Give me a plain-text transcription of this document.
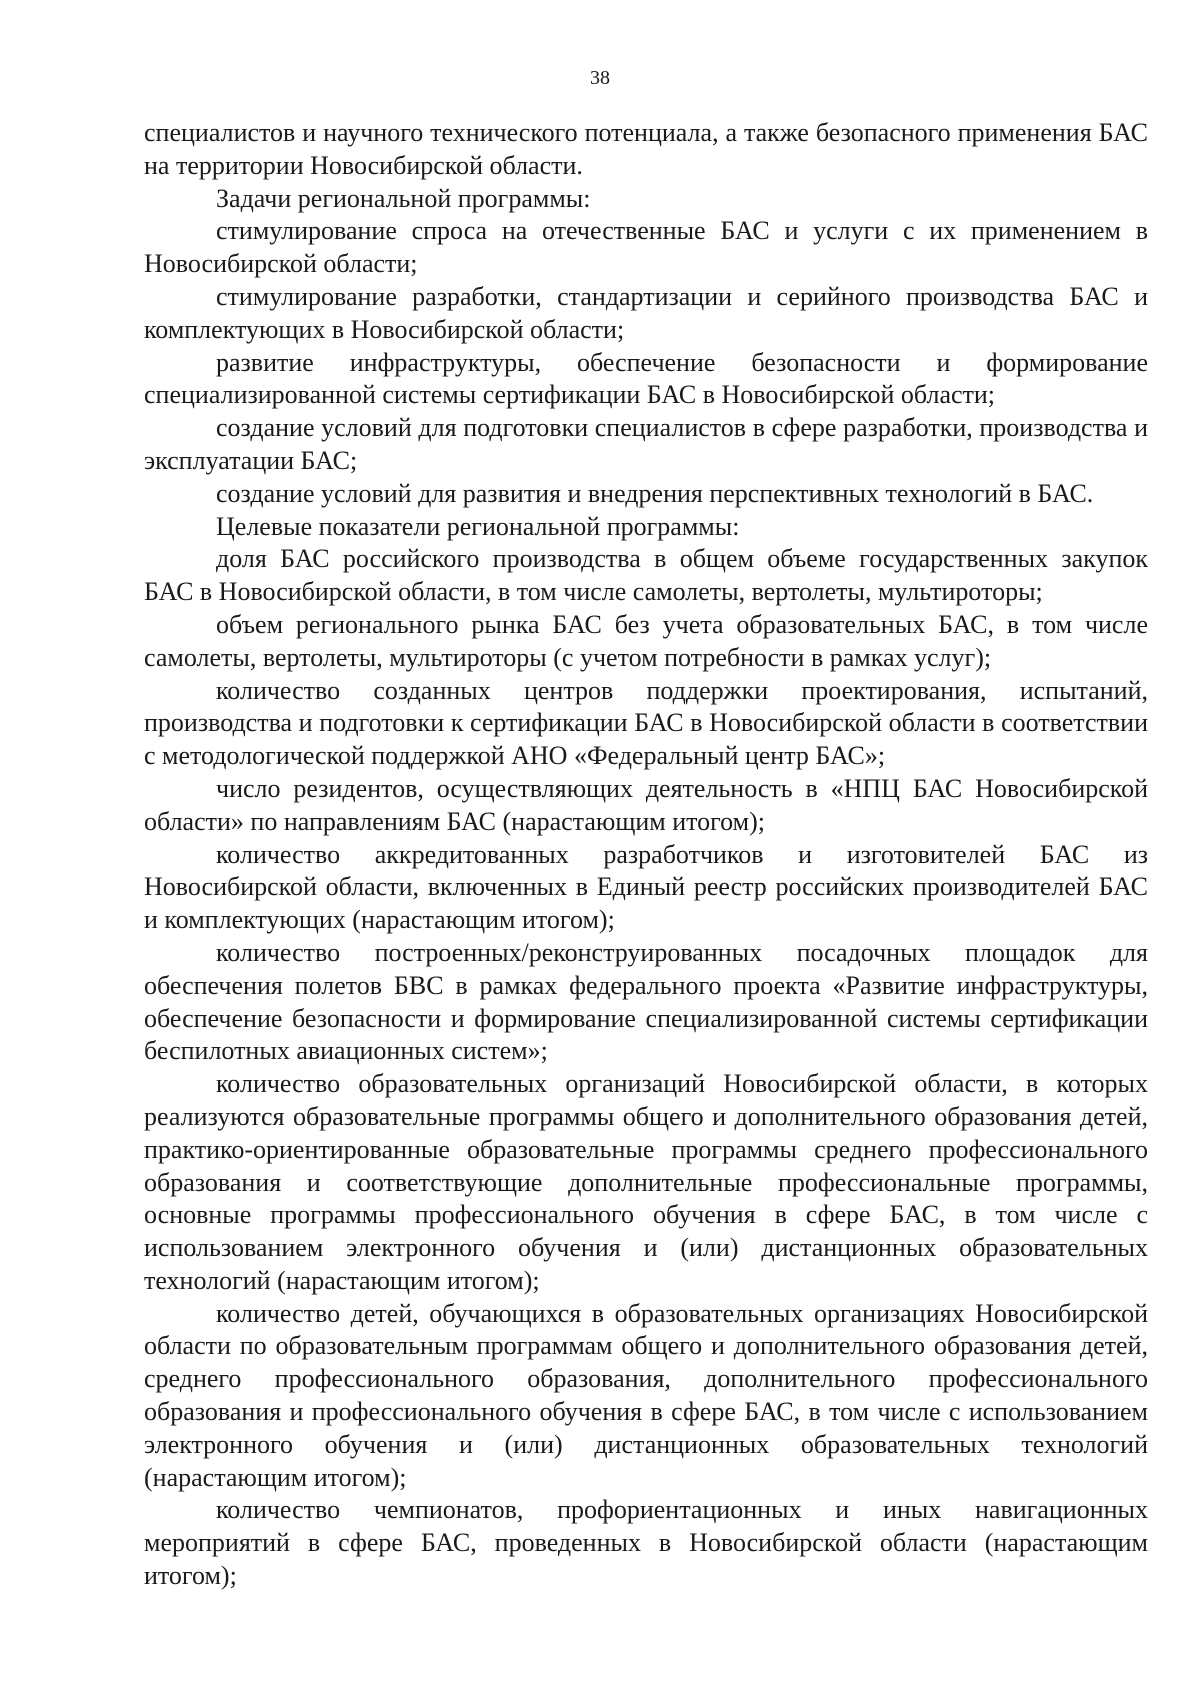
38

специалистов и научного технического потенциала, а также безопасного применения БАС на территории Новосибирской области.

Задачи региональной программы:

стимулирование спроса на отечественные БАС и услуги с их применением в Новосибирской области;

стимулирование разработки, стандартизации и серийного производства БАС и комплектующих в Новосибирской области;

развитие инфраструктуры, обеспечение безопасности и формирование специализированной системы сертификации БАС в Новосибирской области;

создание условий для подготовки специалистов в сфере разработки, производства и эксплуатации БАС;

создание условий для развития и внедрения перспективных технологий в БАС.

Целевые показатели региональной программы:

доля БАС российского производства в общем объеме государственных закупок БАС в Новосибирской области, в том числе самолеты, вертолеты, мультироторы;

объем регионального рынка БАС без учета образовательных БАС, в том числе самолеты, вертолеты, мультироторы (с учетом потребности в рамках услуг);

количество созданных центров поддержки проектирования, испытаний, производства и подготовки к сертификации БАС в Новосибирской области в соответствии с методологической поддержкой АНО «Федеральный центр БАС»;

число резидентов, осуществляющих деятельность в «НПЦ БАС Новосибирской области» по направлениям БАС (нарастающим итогом);

количество аккредитованных разработчиков и изготовителей БАС из Новосибирской области, включенных в Единый реестр российских производителей БАС и комплектующих (нарастающим итогом);

количество построенных/реконструированных посадочных площадок для обеспечения полетов БВС в рамках федерального проекта «Развитие инфраструктуры, обеспечение безопасности и формирование специализированной системы сертификации беспилотных авиационных систем»;

количество образовательных организаций Новосибирской области, в которых реализуются образовательные программы общего и дополнительного образования детей, практико-ориентированные образовательные программы среднего профессионального образования и соответствующие дополнительные профессиональные программы, основные программы профессионального обучения в сфере БАС, в том числе с использованием электронного обучения и (или) дистанционных образовательных технологий (нарастающим итогом);

количество детей, обучающихся в образовательных организациях Новосибирской области по образовательным программам общего и дополнительного образования детей, среднего профессионального образования, дополнительного профессионального образования и профессионального обучения в сфере БАС, в том числе с использованием электронного обучения и (или) дистанционных образовательных технологий (нарастающим итогом);

количество чемпионатов, профориентационных и иных навигационных мероприятий в сфере БАС, проведенных в Новосибирской области (нарастающим итогом);
